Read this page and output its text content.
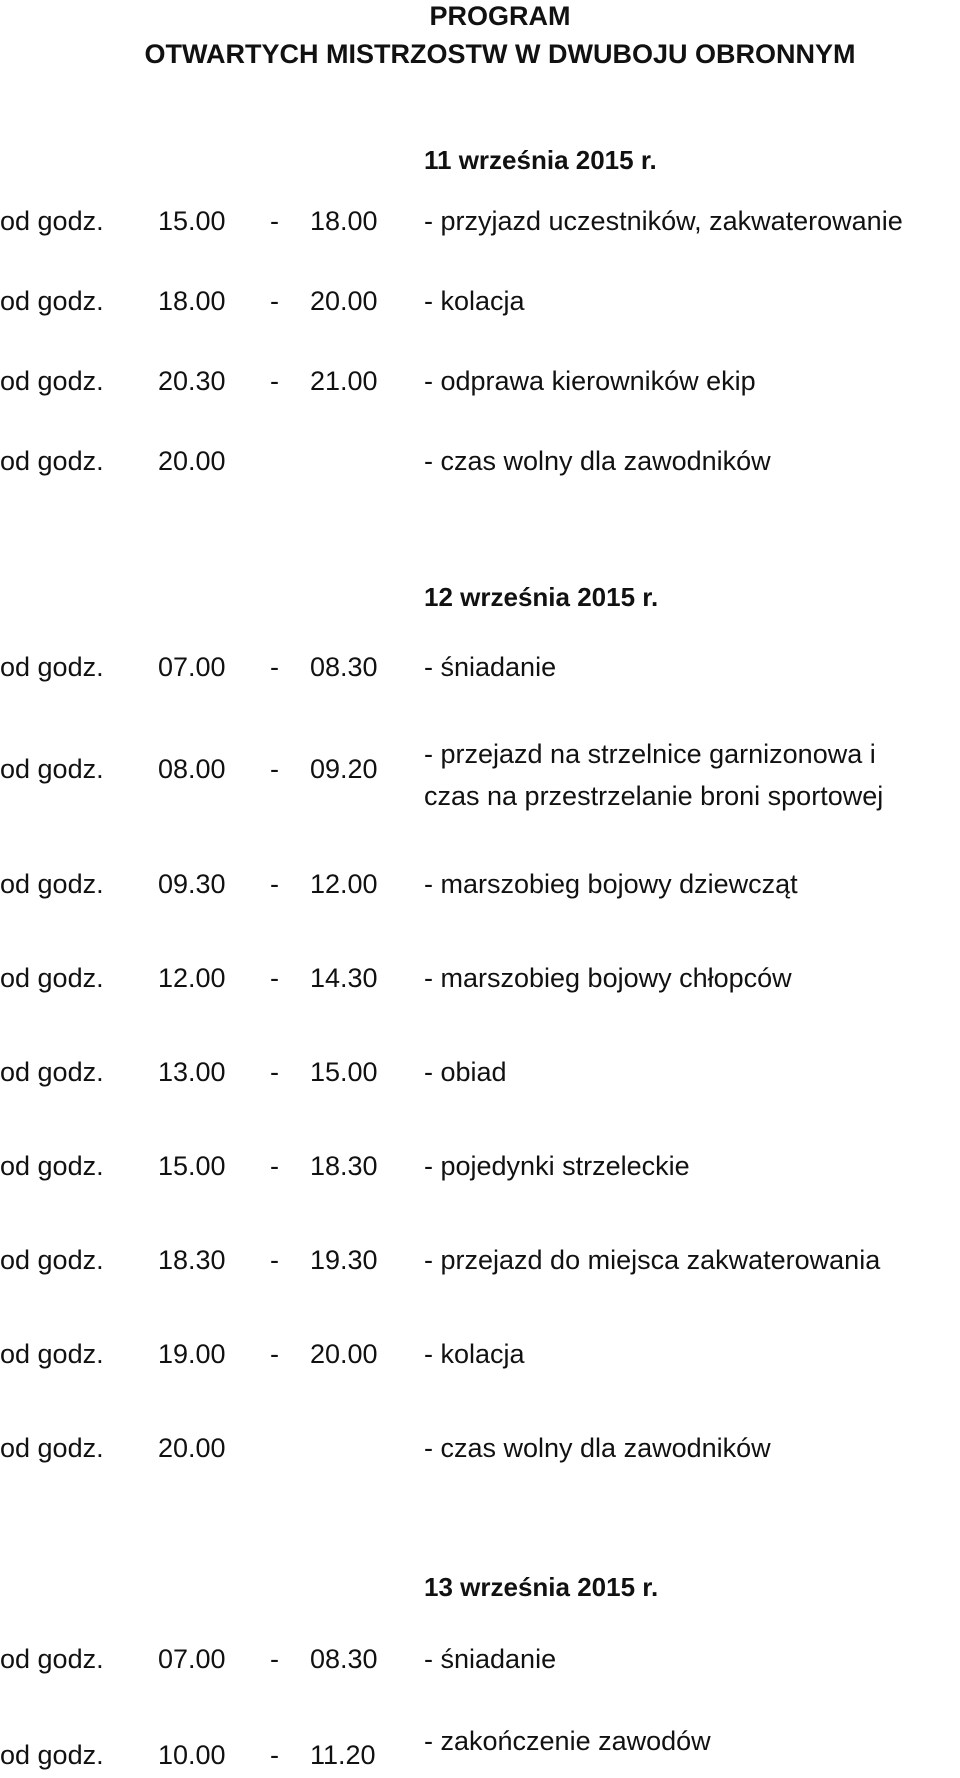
PROGRAM
OTWARTYCH MISTRZOSTW W DWUBOJU OBRONNYM
11 września 2015 r.
od godz. 15.00 - 18.00 - przyjazd uczestników, zakwaterowanie
od godz. 18.00 - 20.00 - kolacja
od godz. 20.30 - 21.00 - odprawa kierowników ekip
od godz. 20.00	- czas wolny dla zawodników
12 września 2015 r.
od godz. 07.00 - 08.30 - śniadanie
od godz. 08.00 - 09.20 - przejazd na strzelnice garnizonowa i
czas na przestrzelanie broni sportowej
od godz. 09.30 - 12.00 - marszobieg bojowy dziewcząt
od godz. 12.00 - 14.30 - marszobieg bojowy chłopców
od godz. 13.00 - 15.00 - obiad
od godz. 15.00 - 18.30 - pojedynki strzeleckie
od godz. 18.30 - 19.30 - przejazd do miejsca zakwaterowania
od godz. 19.00 - 20.00 - kolacja
od godz. 20.00	- czas wolny dla zawodników
13 września 2015 r.
od godz. 07.00 - 08.30 - śniadanie
od godz. 10.00 - 11.20 - zakończenie zawodów
